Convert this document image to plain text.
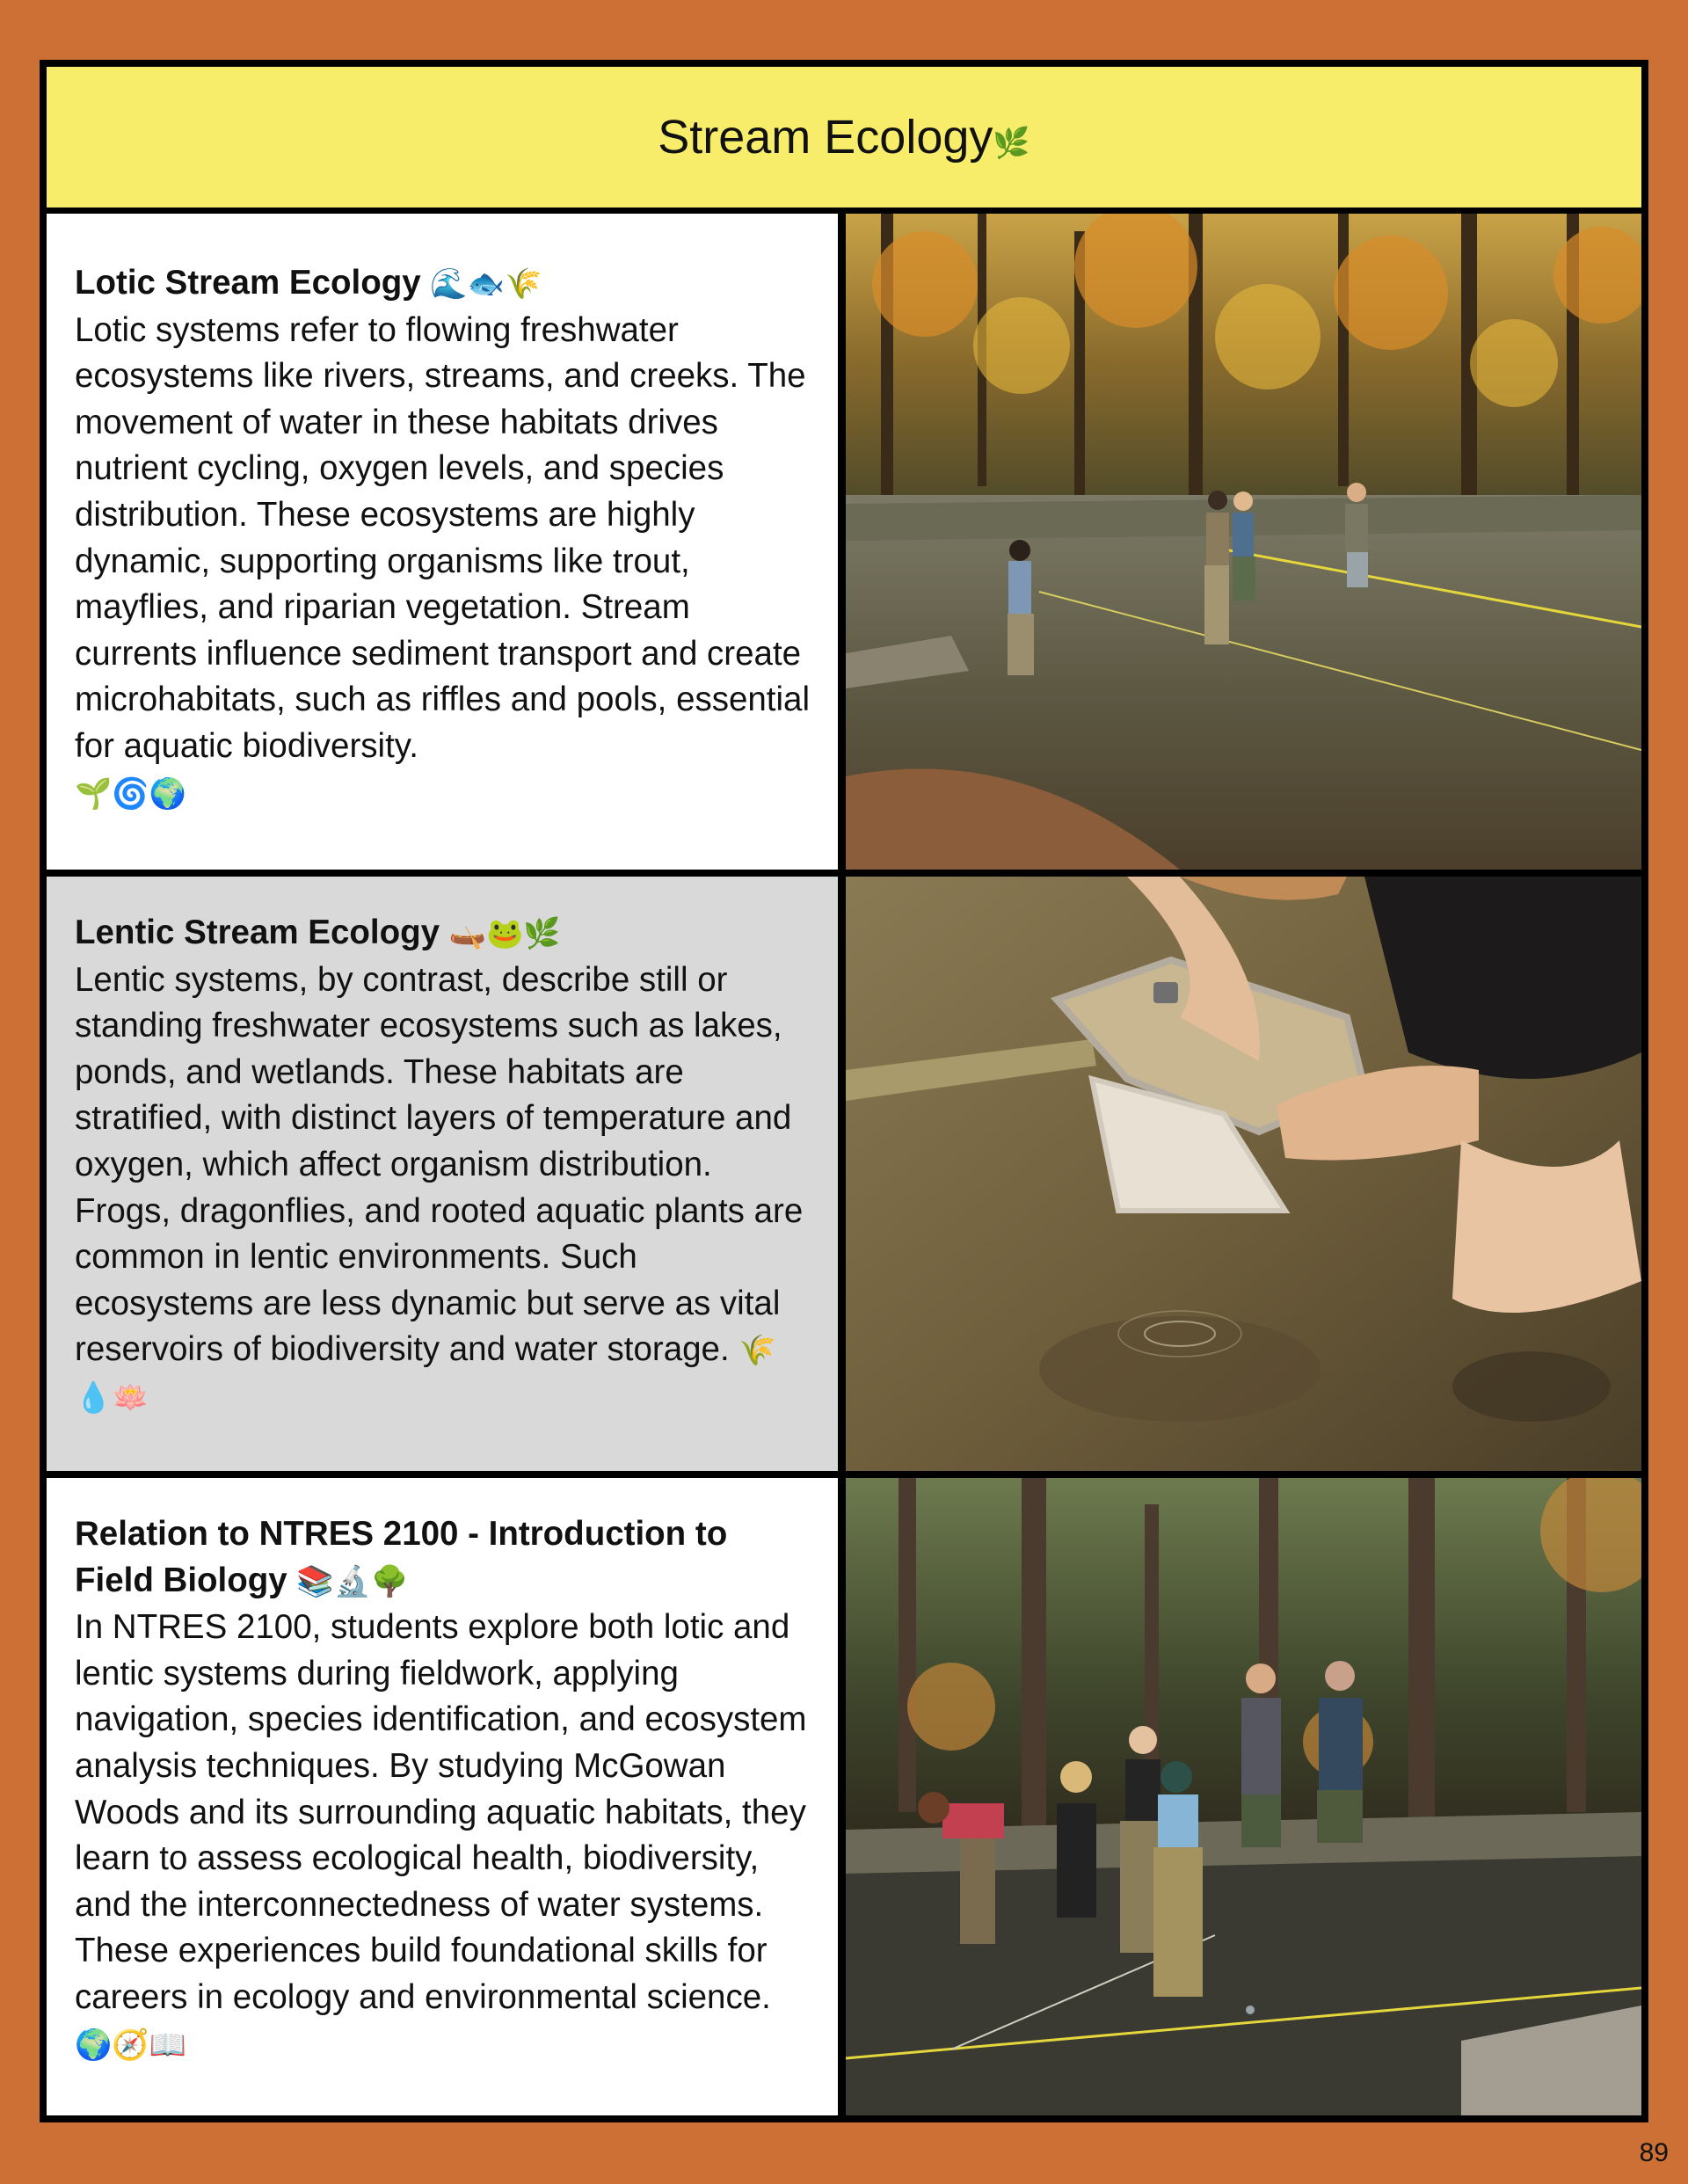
Stream Ecology🌿
Lotic Stream Ecology 🌊🐟🌾
Lotic systems refer to flowing freshwater ecosystems like rivers, streams, and creeks. The movement of water in these habitats drives nutrient cycling, oxygen levels, and species distribution. These ecosystems are highly dynamic, supporting organisms like trout, mayflies, and riparian vegetation. Stream currents influence sediment transport and create microhabitats, such as riffles and pools, essential for aquatic biodiversity.
🌱🌀🌍
Lentic Stream Ecology 🛶🐸🌿
Lentic systems, by contrast, describe still or standing freshwater ecosystems such as lakes, ponds, and wetlands. These habitats are stratified, with distinct layers of temperature and oxygen, which affect organism distribution. Frogs, dragonflies, and rooted aquatic plants are common in lentic environments. Such ecosystems are less dynamic but serve as vital reservoirs of biodiversity and water storage. 🌾💧🪷
Relation to NTRES 2100 - Introduction to Field Biology 📚🔬🌳
In NTRES 2100, students explore both lotic and lentic systems during fieldwork, applying navigation, species identification, and ecosystem analysis techniques. By studying McGowan Woods and its surrounding aquatic habitats, they learn to assess ecological health, biodiversity, and the interconnectedness of water systems. These experiences build foundational skills for careers in ecology and environmental science.
🌍🧭📖
89
